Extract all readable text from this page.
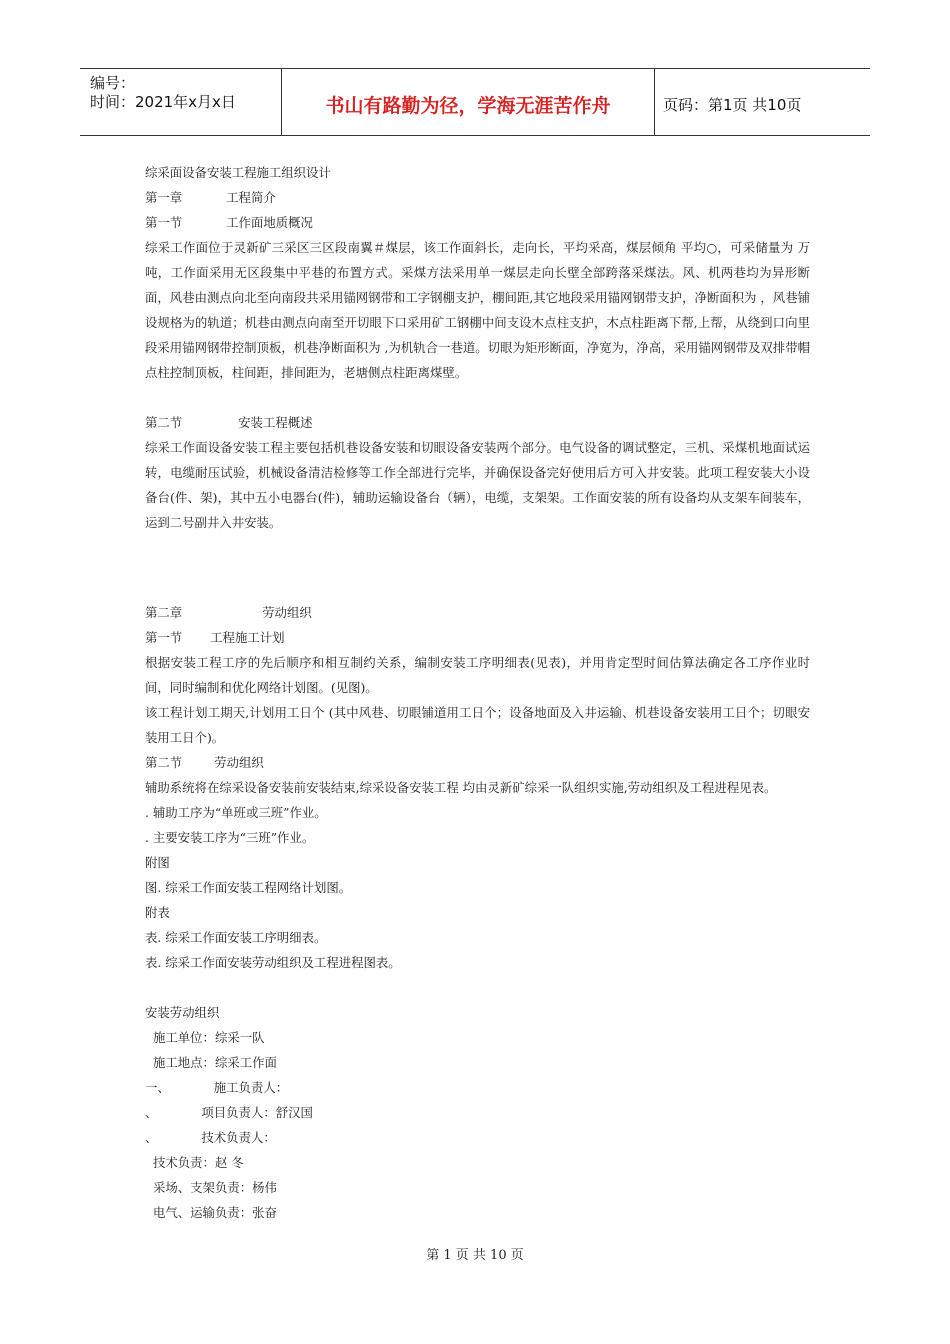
编号：
时间：2021年x月x日	书山有路勤为径，学海无涯苦作舟	页码：第1页 共10页
综采面设备安装工程施工组织设计
第一章	工程简介
第一节	工作面地质概况

综采工作面位于灵新矿三采区三区段南翼＃煤层，该工作面斜长，走向长，平均采高，煤层倾角 平均○，可采储量为 万吨，工作面采用无区段集中平巷的布置方式。采煤方法采用单一煤层走向长壁全部跨落采煤法。风、机两巷均为异形断面，风巷由测点向北至向南段共采用锚网钢带和工字钢棚支护，棚间距,其它地段采用锚网钢带支护，净断面积为 ，风巷铺设规格为的轨道；机巷由测点向南至开切眼下口采用矿工钢棚中间支设木点柱支护，木点柱距离下帮,上帮，从绕到口向里段采用锚网钢带控制顶板，机巷净断面积为 ,为机轨合一巷道。切眼为矩形断面，净宽为，净高，采用锚网钢带及双排带帽点柱控制顶板，柱间距，排间距为，老塘侧点柱距离煤壁。

第二节	安装工程概述

综采工作面设备安装工程主要包括机巷设备安装和切眼设备安装两个部分。电气设备的调试整定，三机、采煤机地面试运转，电缆耐压试验，机械设备清洁检修等工作全部进行完毕，并确保设备完好使用后方可入井安装。此项工程安装大小设备台(件、架)，其中五小电器台(件)，辅助运输设备台（辆），电缆，支架架。工作面安装的所有设备均从支架车间装车，运到二号副井入井安装。

第二章	劳动组织
第一节 工程施工计划

根据安装工程工序的先后顺序和相互制约关系，编制安装工序明细表(见表)，并用肯定型时间估算法确定各工序作业时间，同时编制和优化网络计划图。(见图)。

该工程计划工期天,计划用工日个 (其中风巷、切眼铺道用工日个；设备地面及入井运输、机巷设备安装用工日个；切眼安装用工日个)。

第二节	劳动组织
辅助系统将在综采设备安装前安装结束,综采设备安装工程 均由灵新矿综采一队组织实施,劳动组织及工程进程见表。
. 辅助工序为“单班或三班”作业。
. 主要安装工序为“三班”作业。
附图
图. 综采工作面安装工程网络计划图。
附表
表. 综采工作面安装工序明细表。
表. 综采工作面安装劳动组织及工程进程图表。
安装劳动组织
施工单位：综采一队
施工地点：综采工作面
一、	施工负责人：
、	项目负责人：舒汉国
、	技术负责人：
技术负责：赵 冬
采场、支架负责：杨伟
电气、运输负责：张奋
第 1 页 共 10 页
